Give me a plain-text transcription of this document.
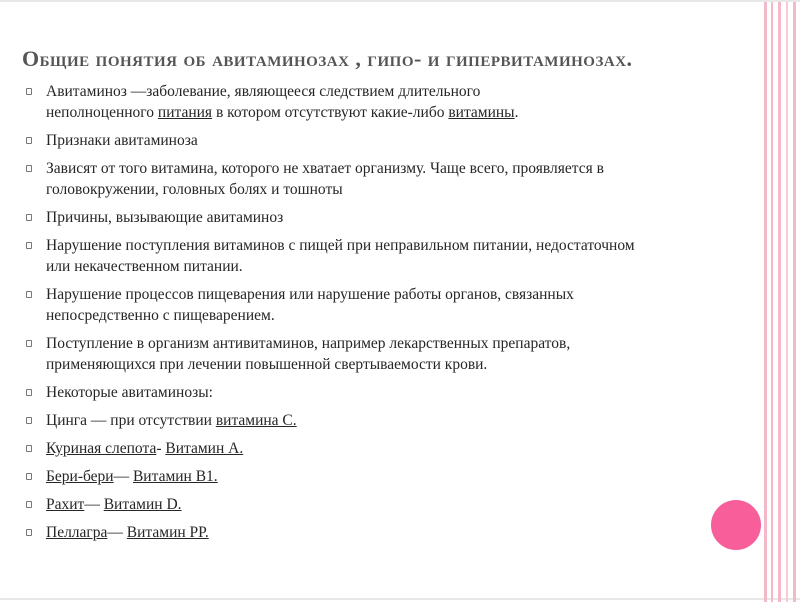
Общие понятия об авитаминозах , гипо- и гипервитаминозах.
Авитаминоз —заболевание, являющееся следствием длительного
неполноценного питания в котором отсутствуют какие-либо витамины.
Признаки авитаминоза
Зависят от того витамина, которого не хватает организму. Чаще всего, проявляется в
головокружении, головных болях и тошноты
Причины, вызывающие авитаминоз
Нарушение поступления витаминов с пищей при неправильном питании, недостаточном
или некачественном питании.
Нарушение процессов пищеварения или нарушение работы органов, связанных
непосредственно с пищеварением.
Поступление в организм антивитаминов, например лекарственных препаратов,
применяющихся при лечении повышенной свертываемости крови.
Некоторые авитаминозы:
Цинга — при отсутствии витамина С.
Куриная слепота- Витамин А.
Бери-бери— Витамин В1.
Рахит— Витамин D.
Пеллагра— Витамин РР.
